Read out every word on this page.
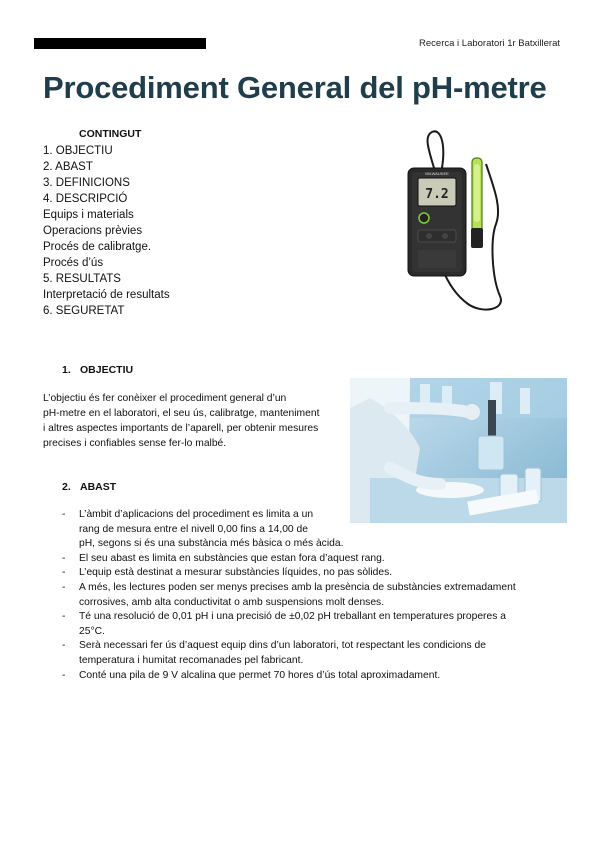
Recerca i Laboratori 1r Batxillerat
Procediment General del pH-metre
CONTINGUT
1. OBJECTIU
2. ABAST
3. DEFINICIONS
4. DESCRIPCIÓ
Equips i materials
Operacions prèvies
Procés de calibratge.
Procés d’ús
5. RESULTATS
Interpretació de resultats
6. SEGURETAT
7.2
MILWAUKEE
1. OBJECTIU
L’objectiu és fer conèixer el procediment general d’un
pH-metre en el laboratori, el seu ús, calibratge, manteniment
i altres aspectes importants de l’aparell, per obtenir mesures
precises i confiables sense fer-lo malbé.
2. ABAST
- L’àmbit d’aplicacions del procediment es limita a un
rang de mesura entre el nivell 0,00 fins a 14,00 de
pH, segons si és una substància més bàsica o més àcida.
- El seu abast es limita en substàncies que estan fora d’aquest rang.
- L’equip està destinat a mesurar substàncies líquides, no pas sòlides.
- A més, les lectures poden ser menys precises amb la presència de substàncies extremadament
corrosives, amb alta conductivitat o amb suspensions molt denses.
- Té una resolució de 0,01 pH i una precisió de ±0,02 pH treballant en temperatures properes a
25°C.
- Serà necessari fer ús d’aquest equip dins d’un laboratori, tot respectant les condicions de
temperatura i humitat recomanades pel fabricant.
- Conté una pila de 9 V alcalina que permet 70 hores d’ús total aproximadament.
